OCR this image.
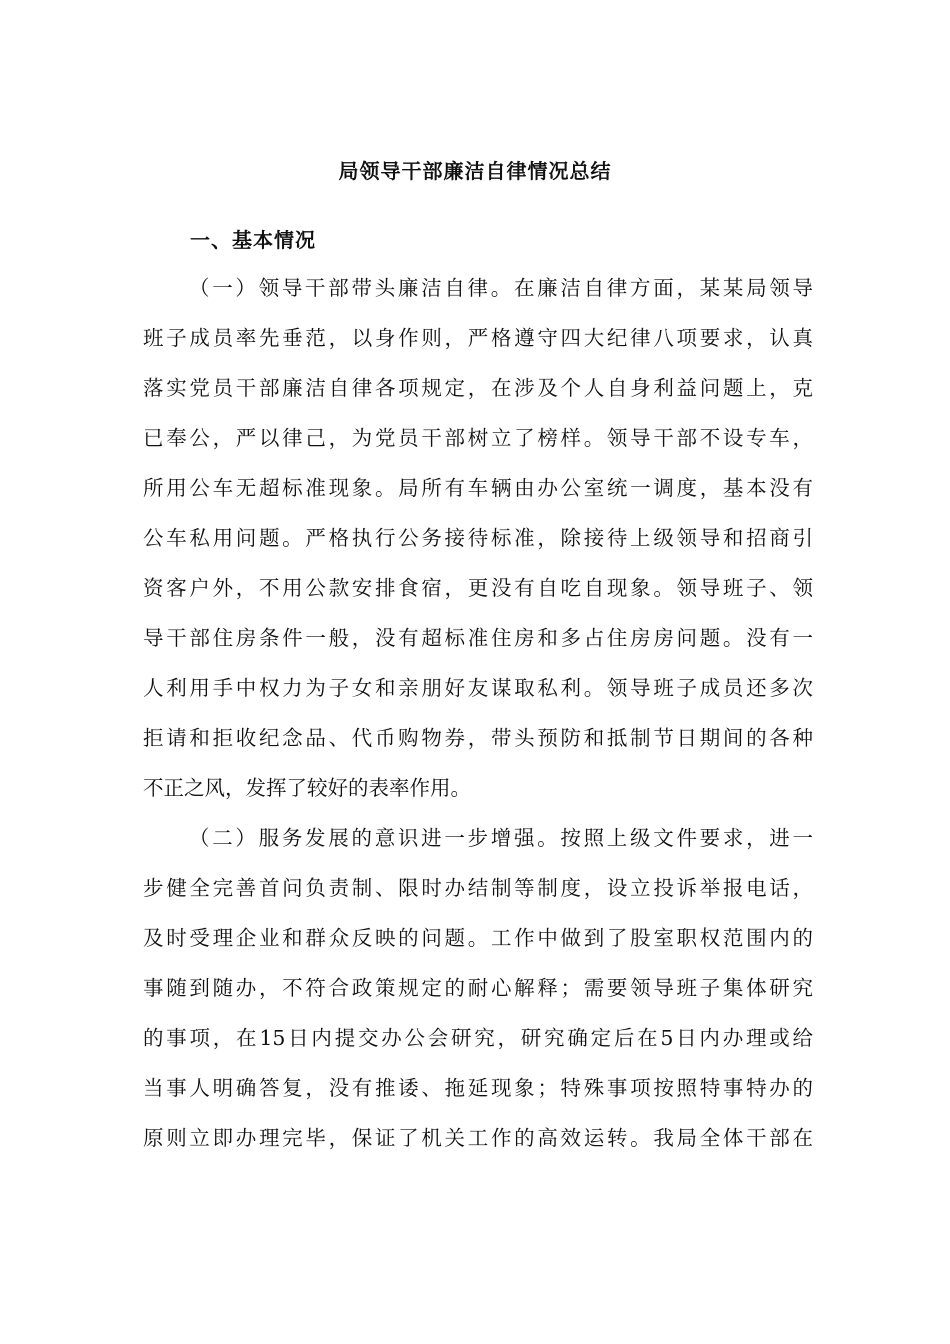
局领导干部廉洁自律情况总结
一、基本情况
（一）领导干部带头廉洁自律。在廉洁自律方面，某某局领导
班子成员率先垂范，以身作则，严格遵守四大纪律八项要求，认真
落实党员干部廉洁自律各项规定，在涉及个人自身利益问题上，克
已奉公，严以律己，为党员干部树立了榜样。领导干部不设专车，
所用公车无超标准现象。局所有车辆由办公室统一调度，基本没有
公车私用问题。严格执行公务接待标准，除接待上级领导和招商引
资客户外，不用公款安排食宿，更没有自吃自现象。领导班子、领
导干部住房条件一般，没有超标准住房和多占住房房问题。没有一
人利用手中权力为子女和亲朋好友谋取私利。领导班子成员还多次
拒请和拒收纪念品、代币购物券，带头预防和抵制节日期间的各种
不正之风，发挥了较好的表率作用。
（二）服务发展的意识进一步增强。按照上级文件要求，进一
步健全完善首问负责制、限时办结制等制度，设立投诉举报电话，
及时受理企业和群众反映的问题。工作中做到了股室职权范围内的
事随到随办，不符合政策规定的耐心解释；需要领导班子集体研究
的事项，在15日内提交办公会研究，研究确定后在5日内办理或给
当事人明确答复，没有推诿、拖延现象；特殊事项按照特事特办的
原则立即办理完毕，保证了机关工作的高效运转。我局全体干部在
